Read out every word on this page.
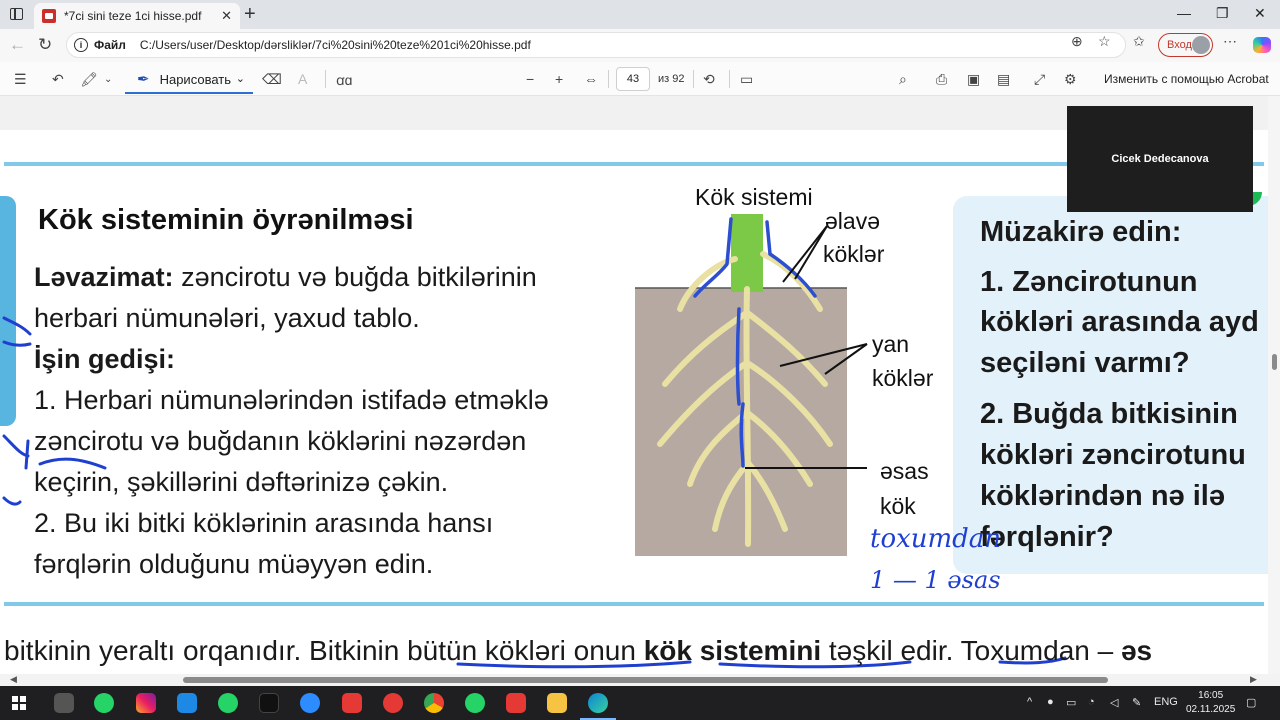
*7ci sini teze 1ci hisse.pdf ✕ +	— ❐ ✕
← ↻	i Файл C:/Users/user/Desktop/dərsliklər/7ci%20sini%20teze%201ci%20hisse.pdf	⊕ ☆ ✩ Вход ⋯
☰ ↶ 🖍︎ ⌄ ✒ Нарисовать ⌄ ⌫ A ꭤɑ	− + ⇔	43	из 92 ⟲ ▭	⌕ ⎙ ▣ ▤ ⤢ ⚙ Изменить с помощью Acrobat
Kök sisteminin öyrənilməsi
Ləvazimat: zəncirotu və buğda bitkilərinin
herbari nümunələri, yaxud tablo.
İşin gedişi:
1. Herbari nümunələrindən istifadə etməklə
zəncirotu və buğdanın köklərini nəzərdən
keçirin, şəkillərini dəftərinizə çəkin.
2. Bu iki bitki köklərinin arasında hansı
fərqlərin olduğunu müəyyən edin.
Kök sistemi
əlavə
köklər
yan
köklər
əsas
kök
Müzakirə edin:
1. Zəncirotunun
kökləri arasında ayd
seçiləni varmı?
2. Buğda bitkisinin
kökləri zəncirotunu
köklərindən nə ilə
fərqlənir?
toxumdan
1 — 1 əsas
bitkinin yeraltı orqanıdır. Bitkinin bütün kökləri onun kök sistemini təşkil edir. Toxumdan – əs
Cicek Dedecanova
◀	▶
^ ● ▭ ◔ ◁ ✎ ENG
16:05
02.11.2025
▢
